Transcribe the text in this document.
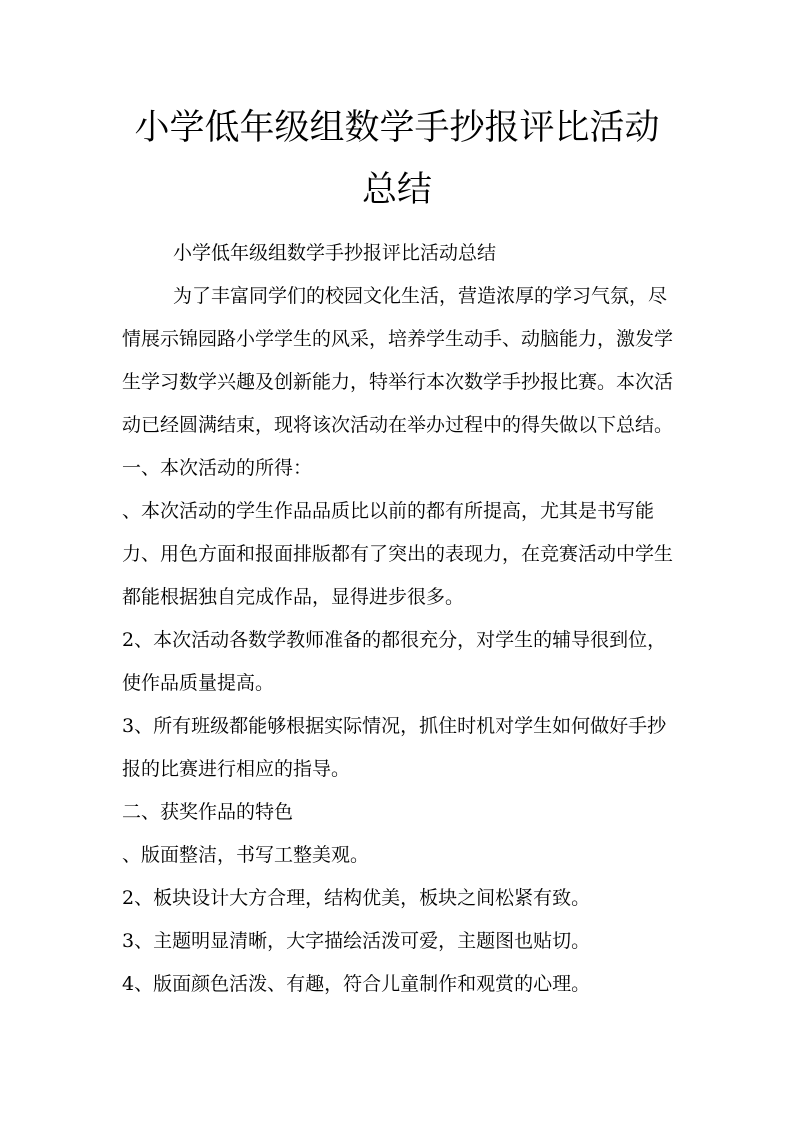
小学低年级组数学手抄报评比活动
总结

小学低年级组数学手抄报评比活动总结

为了丰富同学们的校园文化生活，营造浓厚的学习气氛，尽情展示锦园路小学学生的风采，培养学生动手、动脑能力，激发学生学习数学兴趣及创新能力，特举行本次数学手抄报比赛。本次活动已经圆满结束，现将该次活动在举办过程中的得失做以下总结。

一、本次活动的所得：

、本次活动的学生作品品质比以前的都有所提高，尤其是书写能力、用色方面和报面排版都有了突出的表现力，在竞赛活动中学生都能根据独自完成作品，显得进步很多。

2、本次活动各数学教师准备的都很充分，对学生的辅导很到位，使作品质量提高。

3、所有班级都能够根据实际情况，抓住时机对学生如何做好手抄报的比赛进行相应的指导。

二、获奖作品的特色

、版面整洁，书写工整美观。

2、板块设计大方合理，结构优美，板块之间松紧有致。

3、主题明显清晰，大字描绘活泼可爱，主题图也贴切。

4、版面颜色活泼、有趣，符合儿童制作和观赏的心理。
